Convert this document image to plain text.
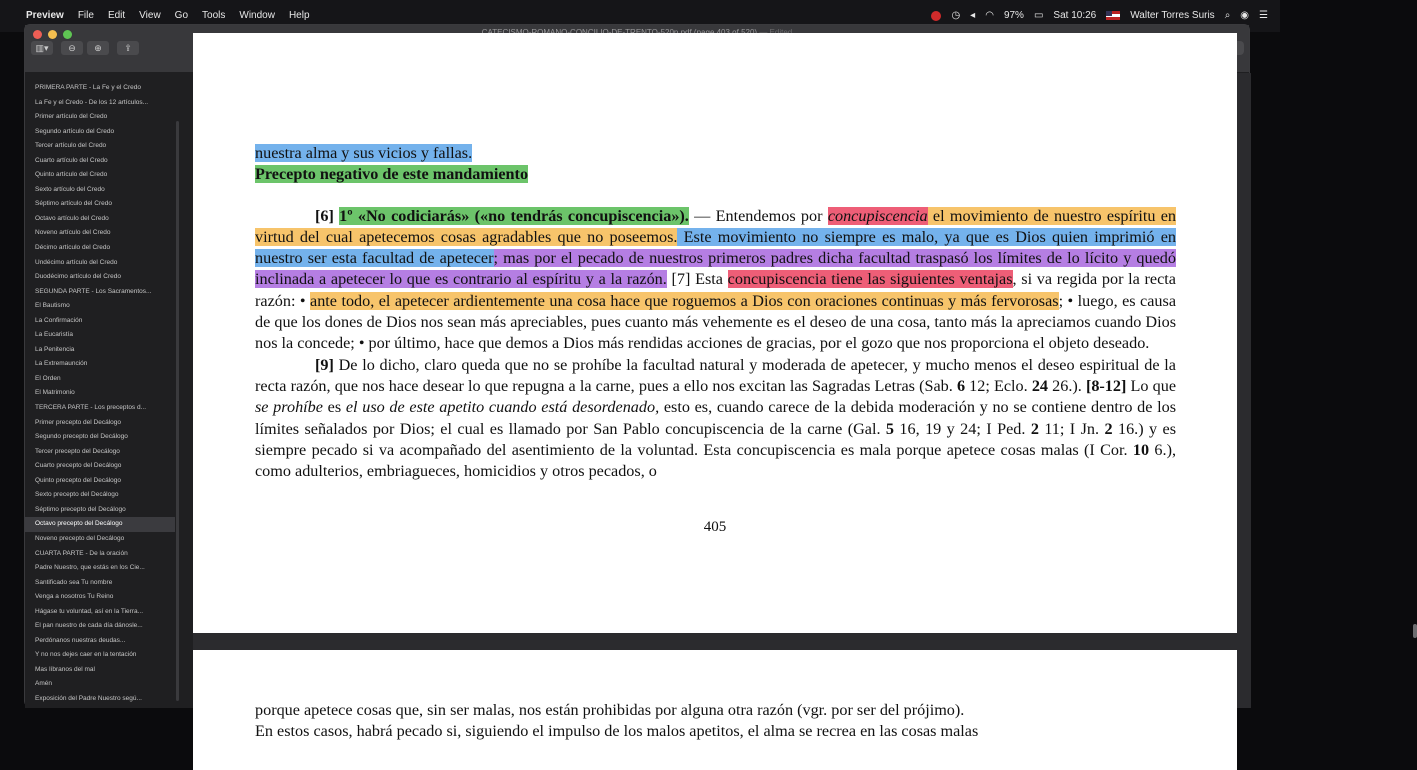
Preview File Edit View Go Tools Window Help	◷ ◂ ◠ 97% ▭ Sat 10:26	Walter Torres Suris ⌕ ◉ ☰
▥▾ ⊖ ⊕ ⇪
PRIMERA PARTE - La Fe y el Credo
La Fe y el Credo - De los 12 artículos...
Primer artículo del Credo
Segundo artículo del Credo
Tercer artículo del Credo
Cuarto artículo del Credo
Quinto artículo del Credo
Sexto artículo del Credo
Séptimo artículo del Credo
Octavo artículo del Credo
Noveno artículo del Credo
Décimo artículo del Credo
Undécimo artículo del Credo
Duodécimo artículo del Credo
SEGUNDA PARTE - Los Sacramentos...
El Bautismo
La Confirmación
La Eucaristía
La Penitencia
La Extremaunción
El Orden
El Matrimonio
TERCERA PARTE - Los preceptos d...
Primer precepto del Decálogo
Segundo precepto del Decálogo
Tercer precepto del Decálogo
Cuarto precepto del Decálogo
Quinto precepto del Decálogo
Sexto precepto del Decálogo
Séptimo precepto del Decálogo
Octavo precepto del Decálogo
Noveno precepto del Decálogo
CUARTA PARTE - De la oración
Padre Nuestro, que estás en los Cie...
Santificado sea Tu nombre
Venga a nosotros Tu Reino
Hágase tu voluntad, así en la Tierra...
El pan nuestro de cada día dánosle...
Perdónanos nuestras deudas...
Y no nos dejes caer en la tentación
Mas líbranos del mal
Amén
Exposición del Padre Nuestro segú...
nuestra alma y sus vicios y fallas.
Precepto negativo de este mandamiento
[6] 1º «No codiciarás» («no tendrás concupiscencia»). — Entendemos por concupiscencia el movimiento de nuestro espíritu en virtud del cual apetecemos cosas agradables que no poseemos. Este movimiento no siempre es malo, ya que es Dios quien imprimió en nuestro ser esta facultad de apetecer; mas por el pecado de nuestros primeros padres dicha facultad traspasó los límites de lo lícito y quedó inclinada a apetecer lo que es contrario al espíritu y a la razón. [7] Esta concupiscencia tiene las siguientes ventajas, si va regida por la recta razón: • ante todo, el apetecer ardientemente una cosa hace que roguemos a Dios con oraciones continuas y más fervorosas; • luego, es causa de que los dones de Dios nos sean más apreciables, pues cuanto más vehemente es el deseo de una cosa, tanto más la apreciamos cuando Dios nos la concede; • por último, hace que demos a Dios más rendidas acciones de gracias, por el gozo que nos proporciona el objeto deseado.
[9] De lo dicho, claro queda que no se prohíbe la facultad natural y moderada de apetecer, y mucho menos el deseo espiritual de la recta razón, que nos hace desear lo que repugna a la carne, pues a ello nos excitan las Sagradas Letras (Sab. 6 12; Eclo. 24 26.). [8-12] Lo que se prohíbe es el uso de este apetito cuando está desordenado, esto es, cuando carece de la debida moderación y no se contiene dentro de los límites señalados por Dios; el cual es llamado por San Pablo concupiscencia de la carne (Gal. 5 16, 19 y 24; I Ped. 2 11; I Jn. 2 16.) y es siempre pecado si va acompañado del asentimiento de la voluntad. Esta concupiscencia es mala porque apetece cosas malas (I Cor. 10 6.), como adulterios, embriagueces, homicidios y otros pecados, o
405
porque apetece cosas que, sin ser malas, nos están prohibidas por alguna otra razón (vgr. por ser del prójimo).
En estos casos, habrá pecado si, siguiendo el impulso de los malos apetitos, el alma se recrea en las cosas malas
